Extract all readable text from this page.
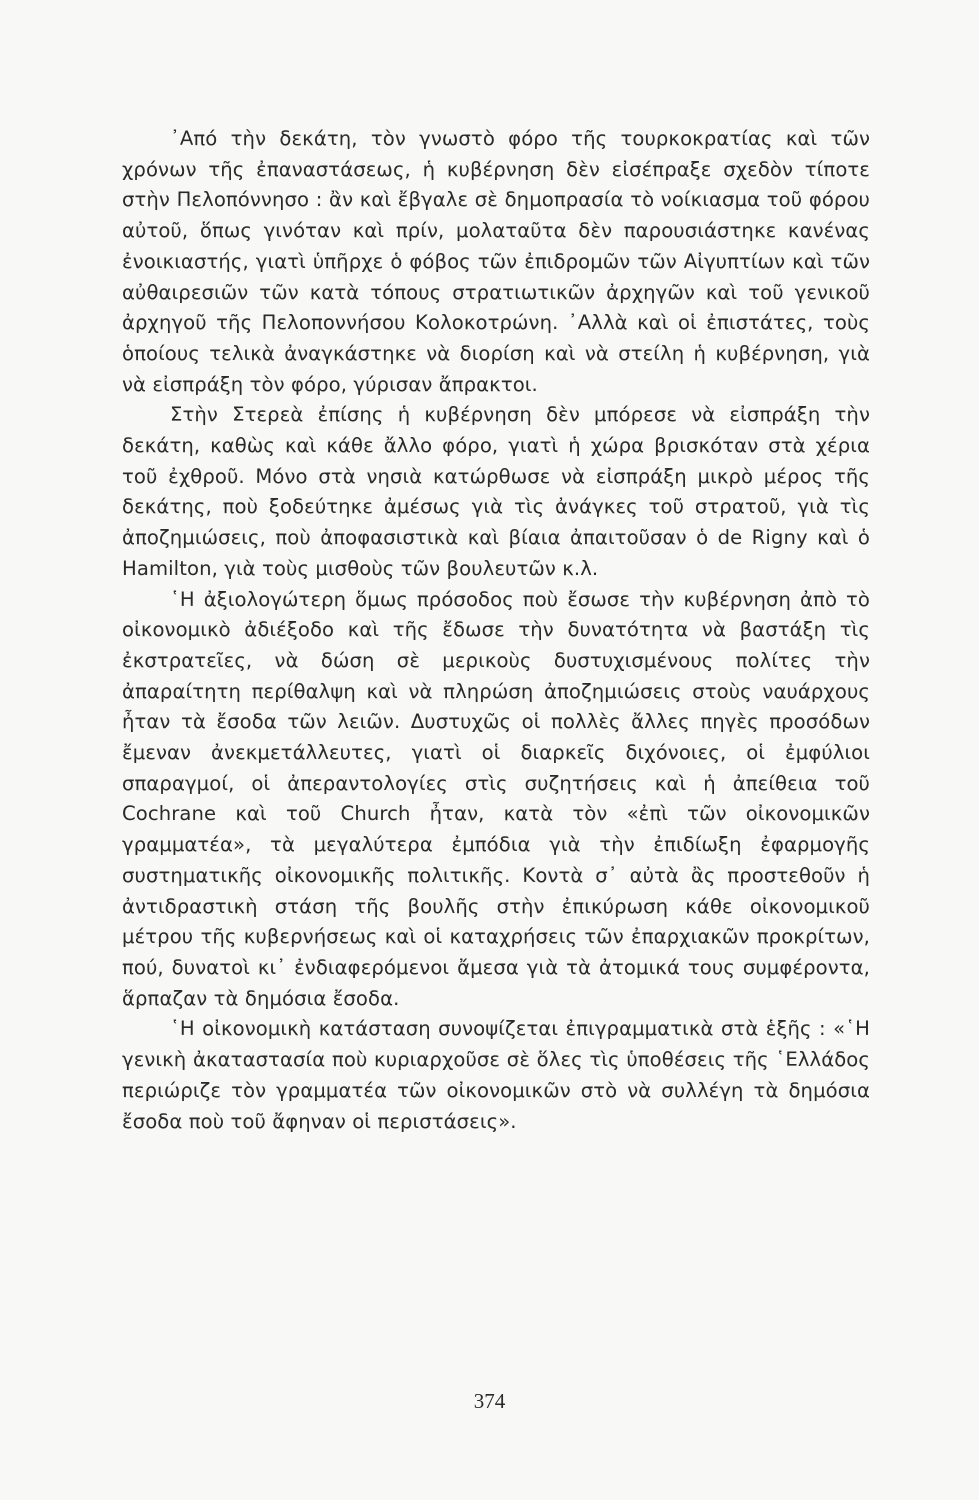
᾿Από τὴν δεκάτη, τὸν γνωστὸ φόρο τῆς τουρκοκρατίας καὶ τῶν χρόνων τῆς ἐπαναστάσεως, ἡ κυβέρνηση δὲν εἰσέπραξε σχεδὸν τίποτε στὴν Πελοπόννησο : ἂν καὶ ἔβγαλε σὲ δημοπρασία τὸ νοίκιασμα τοῦ φόρου αὐτοῦ, ὅπως γινόταν καὶ πρίν, μολαταῦτα δὲν παρουσιάστηκε κανένας ἐνοικιαστής, γιατὶ ὑπῆρχε ὁ φόβος τῶν ἐπιδρομῶν τῶν Αἰγυπτίων καὶ τῶν αὐθαιρεσιῶν τῶν κατὰ τόπους στρατιωτικῶν ἀρχηγῶν καὶ τοῦ γενικοῦ ἀρχηγοῦ τῆς Πελοποννήσου Κολοκοτρώνη. ᾿Αλλὰ καὶ οἱ ἐπιστάτες, τοὺς ὁποίους τελικὰ ἀναγκάστηκε νὰ διορίση καὶ νὰ στείλη ἡ κυβέρνηση, γιὰ νὰ εἰσπράξη τὸν φόρο, γύρισαν ἄπρακτοι.

Στὴν Στερεὰ ἐπίσης ἡ κυβέρνηση δὲν μπόρεσε νὰ εἰσπράξη τὴν δεκάτη, καθὼς καὶ κάθε ἄλλο φόρο, γιατὶ ἡ χώρα βρισκόταν στὰ χέρια τοῦ ἐχθροῦ. Μόνο στὰ νησιὰ κατώρθωσε νὰ εἰσπράξη μικρὸ μέρος τῆς δεκάτης, ποὺ ξοδεύτηκε ἀμέσως γιὰ τὶς ἀνάγκες τοῦ στρατοῦ, γιὰ τὶς ἀποζημιώσεις, ποὺ ἀποφασιστικὰ καὶ βίαια ἀπαιτοῦσαν ὁ de Rigny καὶ ὁ Hamilton, γιὰ τοὺς μισθοὺς τῶν βουλευτῶν κ.λ.

῾Η ἀξιολογώτερη ὅμως πρόσοδος ποὺ ἔσωσε τὴν κυβέρνηση ἀπὸ τὸ οἰκονομικὸ ἀδιέξοδο καὶ τῆς ἔδωσε τὴν δυνατότητα νὰ βαστάξη τὶς ἐκστρατεῖες, νὰ δώση σὲ μερικοὺς δυστυχισμένους πολίτες τὴν ἀπαραίτητη περίθαλψη καὶ νὰ πληρώση ἀποζημιώσεις στοὺς ναυάρχους ἦταν τὰ ἔσοδα τῶν λειῶν. Δυστυχῶς οἱ πολλὲς ἄλλες πηγὲς προσόδων ἔμεναν ἀνεκμετάλλευτες, γιατὶ οἱ διαρκεῖς διχόνοιες, οἱ ἐμφύλιοι σπαραγμοί, οἱ ἀπεραντολογίες στὶς συζητήσεις καὶ ἡ ἀπείθεια τοῦ Cochrane καὶ τοῦ Church ἦταν, κατὰ τὸν «ἐπὶ τῶν οἰκονομικῶν γραμματέα», τὰ μεγαλύτερα ἐμπόδια γιὰ τὴν ἐπιδίωξη ἐφαρμογῆς συστηματικῆς οἰκονομικῆς πολιτικῆς. Κοντὰ σ᾿ αὐτὰ ἂς προστεθοῦν ἡ ἀντιδραστικὴ στάση τῆς βουλῆς στὴν ἐπικύρωση κάθε οἰκονομικοῦ μέτρου τῆς κυβερνήσεως καὶ οἱ καταχρήσεις τῶν ἐπαρχιακῶν προκρίτων, πού, δυνατοὶ κι᾿ ἐνδιαφερόμενοι ἄμεσα γιὰ τὰ ἀτομικά τους συμφέροντα, ἅρπαζαν τὰ δημόσια ἔσοδα.

῾Η οἰκονομικὴ κατάσταση συνοψίζεται ἐπιγραμματικὰ στὰ ἑξῆς : «῾Η γενικὴ ἀκαταστασία ποὺ κυριαρχοῦσε σὲ ὅλες τὶς ὑποθέσεις τῆς ῾Ελλάδος περιώριζε τὸν γραμματέα τῶν οἰκονομικῶν στὸ νὰ συλλέγη τὰ δημόσια ἔσοδα ποὺ τοῦ ἄφηναν οἱ περιστάσεις».

374
